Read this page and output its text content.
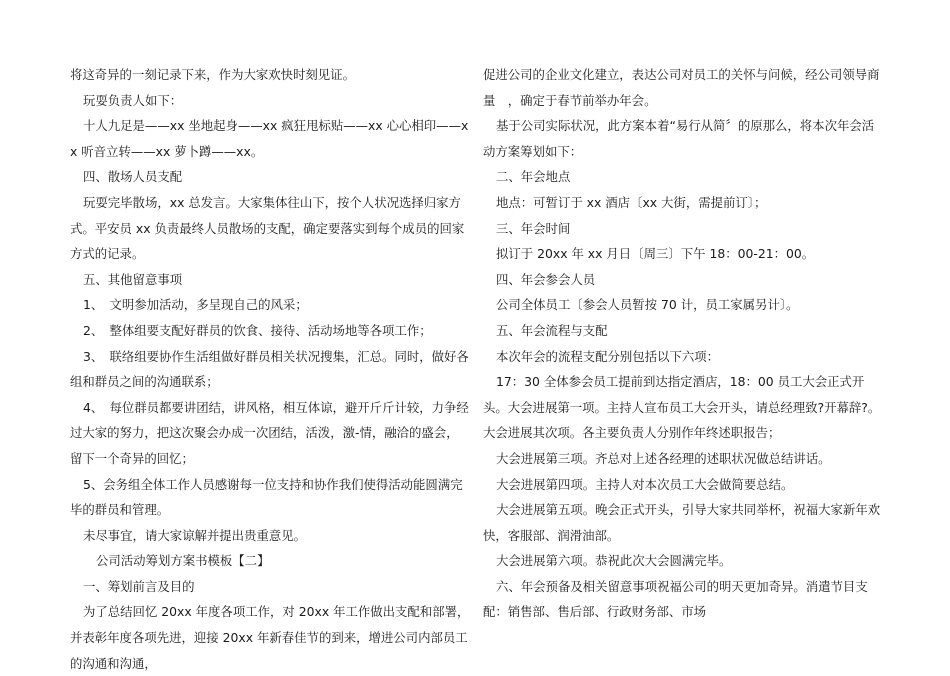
将这奇异的一刻记录下来，作为大家欢快时刻见证。

玩耍负责人如下：

十人九足是——xx 坐地起身——xx 疯狂甩标贴——xx 心心相印——xx 听音立转——xx 萝卜蹲——xx。

四、散场人员支配

玩耍完毕散场，xx 总发言。大家集体往山下，按个人状况选择归家方式。平安员 xx 负责最终人员散场的支配，确定要落实到每个成员的回家方式的记录。

五、其他留意事项

1、　文明参加活动，多呈现自己的风采；

2、　整体组要支配好群员的饮食、接待、活动场地等各项工作；

3、　联络组要协作生活组做好群员相关状况搜集，汇总。同时，做好各组和群员之间的沟通联系；

4、　每位群员都要讲团结，讲风格，相互体谅，避开斤斤计较，力争经过大家的努力，把这次聚会办成一次团结，活泼，激-情，融洽的盛会，留下一个奇异的回忆；

5、会务组全体工作人员感谢每一位支持和协作我们使得活动能圆满完毕的群员和管理。

未尽事宜，请大家谅解并提出贵重意见。

公司活动筹划方案书模板【二】

一、筹划前言及目的

为了总结回忆 20xx 年度各项工作，对 20xx 年工作做出支配和部署，并表彰年度各项先进，迎接 20xx 年新春佳节的到来，增进公司内部员工的沟通和沟通，

促进公司的企业文化建立，表达公司对员工的关怀与问候，经公司领导商量　，确定于春节前举办年会。

基于公司实际状况，此方案本着“易行从简〞的原那么，将本次年会活动方案筹划如下：

二、年会地点

地点：可暂订于 xx 酒店〔xx 大街，需提前订〕；

三、年会时间

拟订于 20xx 年 xx 月日〔周三〕下午 18：00-21：00。

四、年会参会人员

公司全体员工〔参会人员暂按 70 计，员工家属另计〕。

五、年会流程与支配

本次年会的流程支配分别包括以下六项：

17：30 全体参会员工提前到达指定酒店，18：00 员工大会正式开头。大会进展第一项。主持人宣布员工大会开头，请总经理致?开幕辞?。大会进展其次项。各主要负责人分别作年终述职报告；

大会进展第三项。齐总对上述各经理的述职状况做总结讲话。

大会进展第四项。主持人对本次员工大会做简要总结。

大会进展第五项。晚会正式开头，引导大家共同举杯，祝福大家新年欢快，客服部、润滑油部。

大会进展第六项。恭祝此次大会圆满完毕。

六、年会预备及相关留意事项祝福公司的明天更加奇异。消遣节目支配：销售部、售后部、行政财务部、市场
